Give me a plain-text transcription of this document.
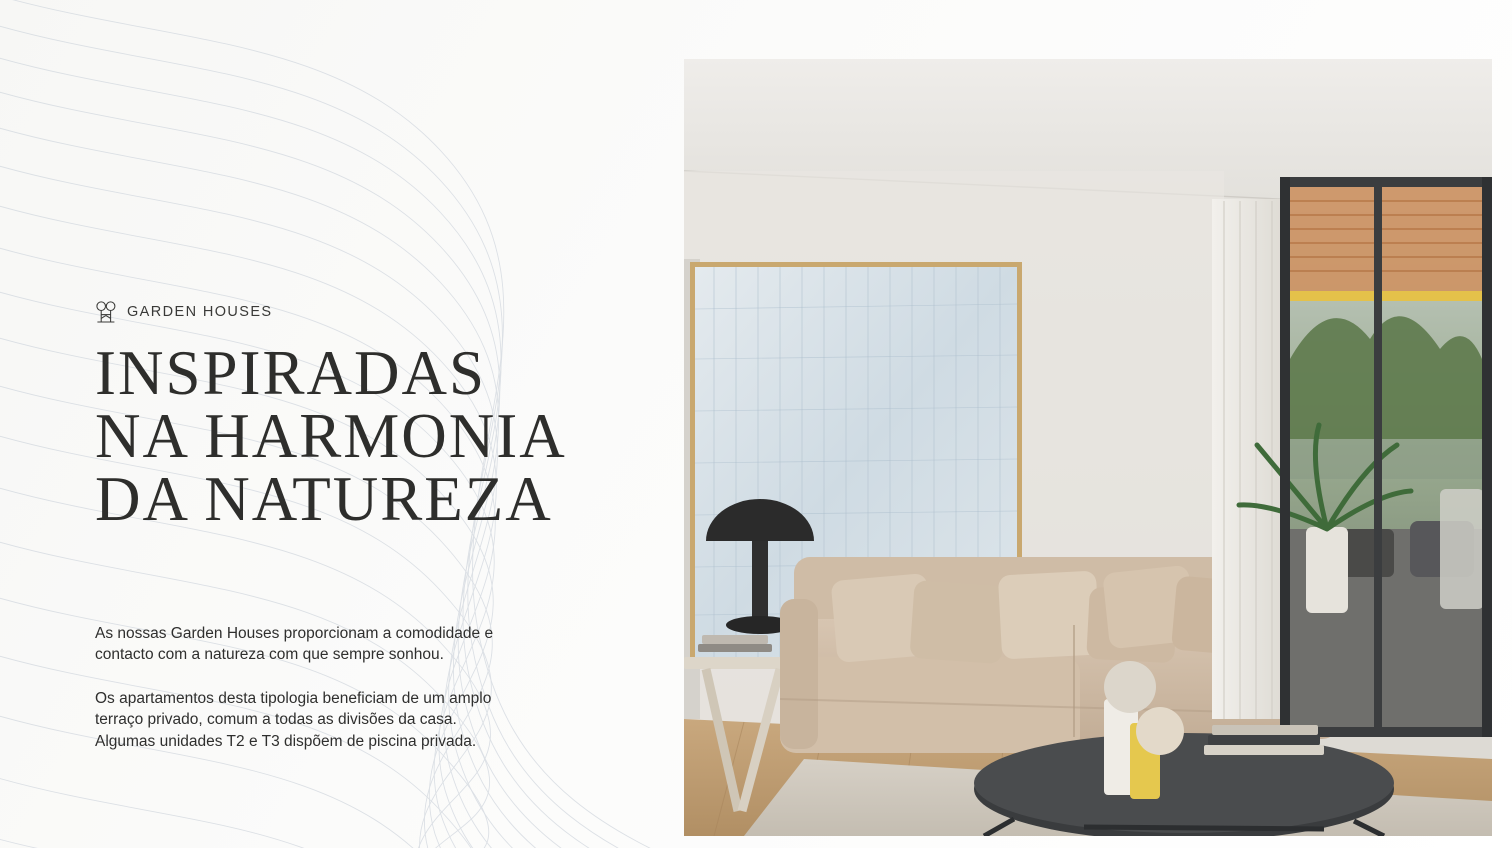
GARDEN HOUSES
INSPIRADAS
NA HARMONIA
DA NATUREZA

As nossas Garden Houses proporcionam a comodidade e contacto com a natureza com que sempre sonhou.

Os apartamentos desta tipologia beneficiam de um amplo terraço privado, comum a todas as divisões da casa. Algumas unidades T2 e T3 dispõem de piscina privada.
